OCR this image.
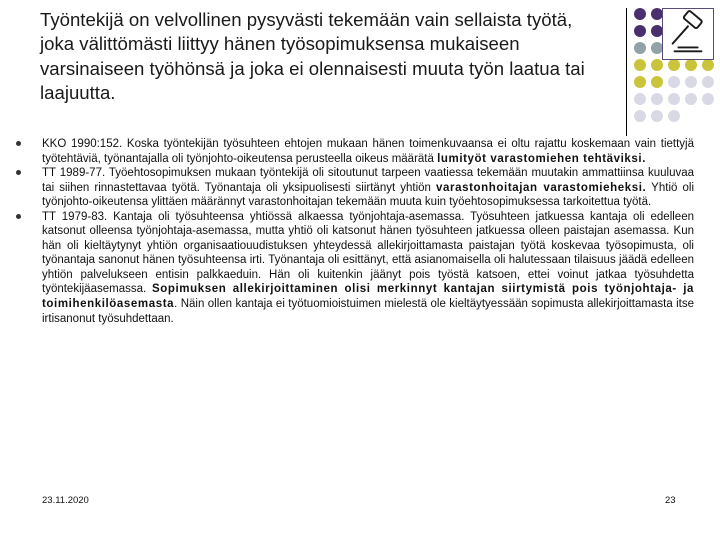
Työntekijä on velvollinen pysyvästi tekemään vain sellaista työtä, joka välittömästi liittyy hänen työsopimuksensa mukaiseen varsinaiseen työhönsä ja joka ei olennaisesti muuta työn laatua tai laajuutta.
KKO 1990:152. Koska työntekijän työsuhteen ehtojen mukaan hänen toimenkuvaansa ei oltu rajattu koskemaan vain tiettyjä työtehtäviä, työnantajalla oli työnjohto-oikeutensa perusteella oikeus määrätä lumityöt varastomiehen tehtäviksi.
TT 1989-77. Työehtosopimuksen mukaan työntekijä oli sitoutunut tarpeen vaatiessa tekemään muutakin ammattiinsa kuuluvaa tai siihen rinnastettavaa työtä. Työnantaja oli yksipuolisesti siirtänyt yhtiön varastonhoitajan varastomieheksi. Yhtiö oli työnjohto-oikeutensa ylittäen määrännyt varastonhoitajan tekemään muuta kuin työehtosopimuksessa tarkoitettua työtä.
TT 1979-83. Kantaja oli työsuhteensa yhtiössä alkaessa työnjohtaja-asemassa. Työsuhteen jatkuessa kantaja oli edelleen katsonut olleensa työnjohtaja-asemassa, mutta yhtiö oli katsonut hänen työsuhteen jatkuessa olleen paistajan asemassa. Kun hän oli kieltäytynyt yhtiön organisaatiouudistuksen yhteydessä allekirjoittamasta paistajan työtä koskevaa työsopimusta, oli työnantaja sanonut hänen työsuhteensa irti. Työnantaja oli esittänyt, että asianomaisella oli halutessaan tilaisuus jäädä edelleen yhtiön palvelukseen entisin palkkaeduin. Hän oli kuitenkin jäänyt pois työstä katsoen, ettei voinut jatkaa työsuhdetta työntekijäasemassa. Sopimuksen allekirjoittaminen olisi merkinnyt kantajan siirtymistä pois työnjohtaja- ja toimihenkilöasemasta. Näin ollen kantaja ei työtuomioistuimen mielestä ole kieltäytyessään sopimusta allekirjoittamasta itse irtisanonut työsuhdettaan.
23.11.2020	23
